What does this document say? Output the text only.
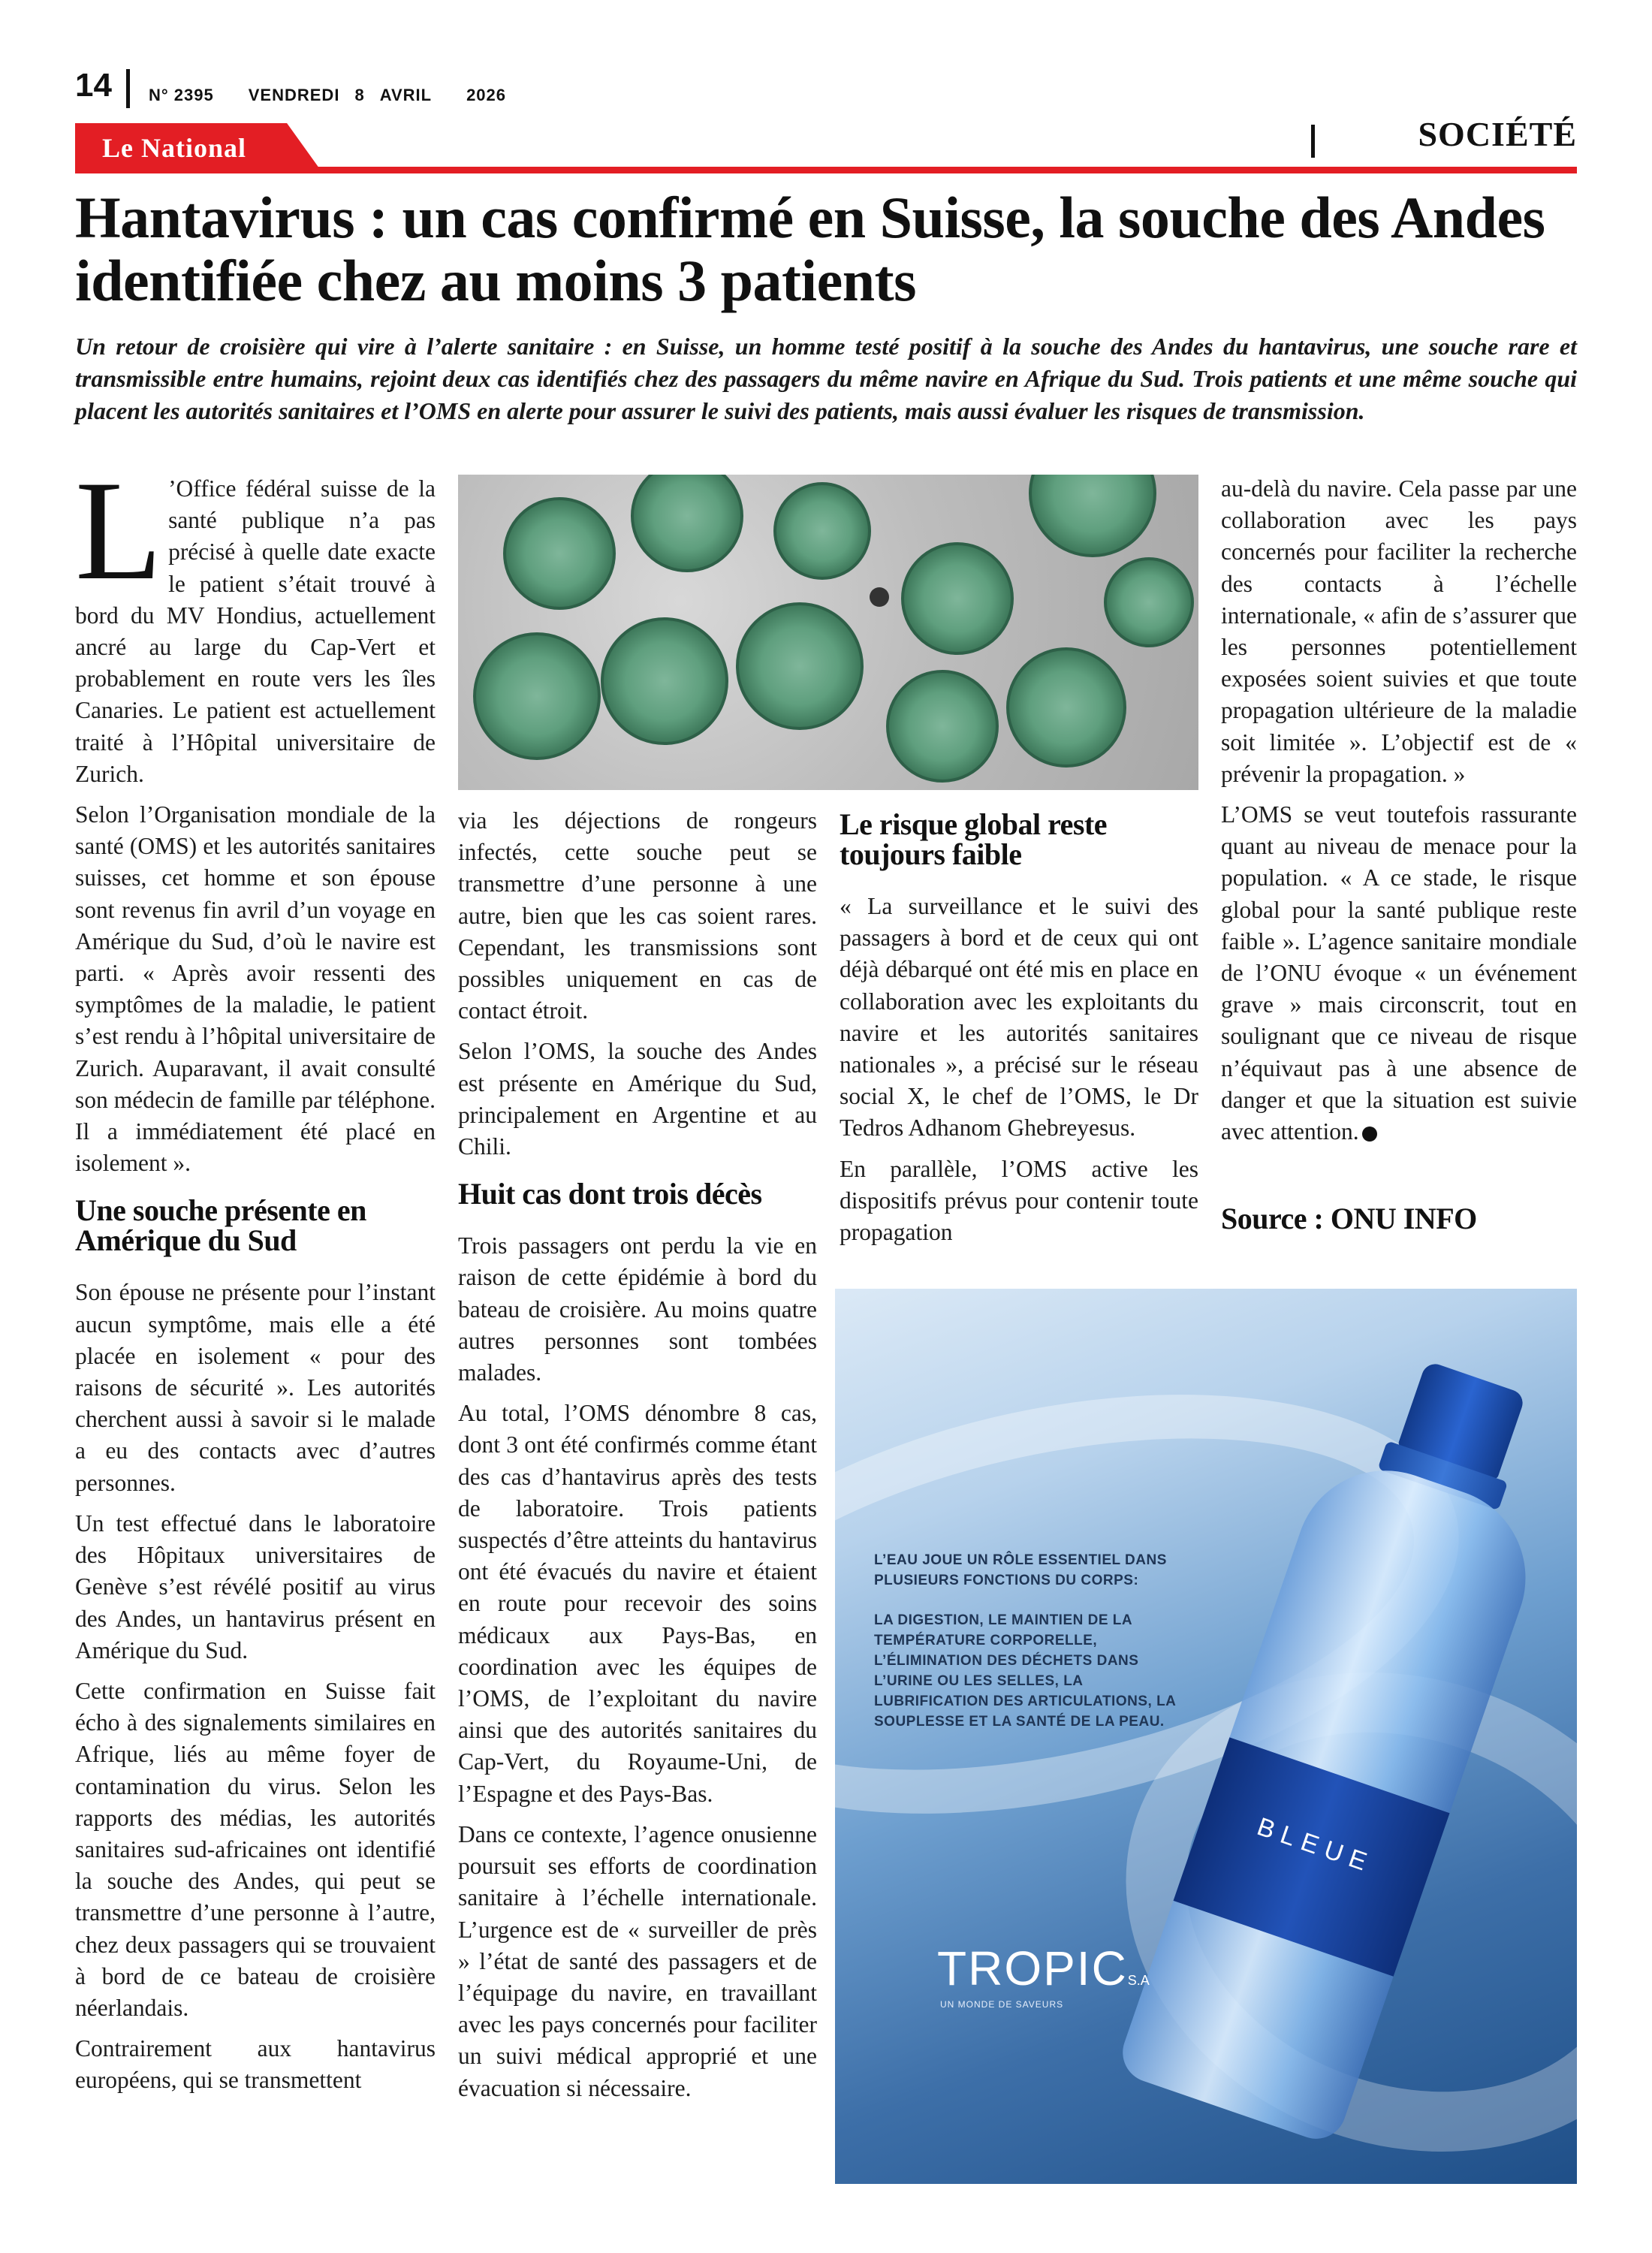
14 N° 2395 VENDREDI 8 AVRIL 2026
Le National	SOCIÉTÉ
Hantavirus : un cas confirmé en Suisse, la souche des Andes identifiée chez au moins 3 patients

Un retour de croisière qui vire à l’alerte sanitaire : en Suisse, un homme testé positif à la souche des Andes du hantavirus, une souche rare et transmissible entre humains, rejoint deux cas identifiés chez des passagers du même navire en Afrique du Sud. Trois patients et une même souche qui placent les autorités sanitaires et l’OMS en alerte pour assurer le suivi des patients, mais aussi évaluer les risques de transmission.

L ’Office fédéral suisse de la santé publique n’a pas précisé à quelle date exacte le patient s’était trouvé à bord du MV Hondius, actuellement ancré au large du Cap-Vert et probablement en route vers les îles Canaries. Le patient est actuellement traité à l’Hôpital universitaire de Zurich.

Selon l’Organisation mondiale de la santé (OMS) et les autorités sanitaires suisses, cet homme et son épouse sont revenus fin avril d’un voyage en Amérique du Sud, d’où le navire est parti. « Après avoir ressenti des symptômes de la maladie, le patient s’est rendu à l’hôpital universitaire de Zurich. Auparavant, il avait consulté son médecin de famille par téléphone. Il a immédiatement été placé en isolement ».

Une souche présente en Amérique du Sud

Son épouse ne présente pour l’instant aucun symptôme, mais elle a été placée en isolement « pour des raisons de sécurité ». Les autorités cherchent aussi à savoir si le malade a eu des contacts avec d’autres personnes.

Un test effectué dans le laboratoire des Hôpitaux universitaires de Genève s’est révélé positif au virus des Andes, un hantavirus présent en Amérique du Sud.

Cette confirmation en Suisse fait écho à des signalements similaires en Afrique, liés au même foyer de contamination du virus. Selon les rapports des médias, les autorités sanitaires sud-africaines ont identifié la souche des Andes, qui peut se transmettre d’une personne à l’autre, chez deux passagers qui se trouvaient à bord de ce bateau de croisière néerlandais.

Contrairement aux hantavirus européens, qui se transmettent

via les déjections de rongeurs infectés, cette souche peut se transmettre d’une personne à une autre, bien que les cas soient rares. Cependant, les transmissions sont possibles uniquement en cas de contact étroit.

Selon l’OMS, la souche des Andes est présente en Amérique du Sud, principalement en Argentine et au Chili.

Huit cas dont trois décès

Trois passagers ont perdu la vie en raison de cette épidémie à bord du bateau de croisière. Au moins quatre autres personnes sont tombées malades.

Au total, l’OMS dénombre 8 cas, dont 3 ont été confirmés comme étant des cas d’hantavirus après des tests de laboratoire. Trois patients suspectés d’être atteints du hantavirus ont été évacués du navire et étaient en route pour recevoir des soins médicaux aux Pays-Bas, en coordination avec les équipes de l’OMS, de l’exploitant du navire ainsi que des autorités sanitaires du Cap-Vert, du Royaume-Uni, de l’Espagne et des Pays-Bas.

Dans ce contexte, l’agence onusienne poursuit ses efforts de coordination sanitaire à l’échelle internationale. L’urgence est de « surveiller de près » l’état de santé des passagers et de l’équipage du navire, en travaillant avec les pays concernés pour faciliter un suivi médical approprié et une évacuation si nécessaire.

Le risque global reste toujours faible

« La surveillance et le suivi des passagers à bord et de ceux qui ont déjà débarqué ont été mis en place en collaboration avec les exploitants du navire et les autorités sanitaires nationales », a précisé sur le réseau social X, le chef de l’OMS, le Dr Tedros Adhanom Ghebreyesus.

En parallèle, l’OMS active les dispositifs prévus pour contenir toute propagation

au-delà du navire. Cela passe par une collaboration avec les pays concernés pour faciliter la recherche des contacts à l’échelle internationale, « afin de s’assurer que les personnes potentiellement exposées soient suivies et que toute propagation ultérieure de la maladie soit limitée ». L’objectif est de « prévenir la propagation. »

L’OMS se veut toutefois rassurante quant au niveau de menace pour la population. « A ce stade, le risque global pour la santé publique reste faible ». L’agence sanitaire mondiale de l’ONU évoque « un événement grave » mais circonscrit, tout en soulignant que ce niveau de risque n’équivaut pas à une absence de danger et que la situation est suivie avec attention.

Source : ONU INFO
L’EAU JOUE UN RÔLE ESSENTIEL DANS
PLUSIEURS FONCTIONS DU CORPS:
LA DIGESTION, LE MAINTIEN DE LA
TEMPÉRATURE CORPORELLE,
L’ÉLIMINATION DES DÉCHETS DANS
L’URINE OU LES SELLES, LA
LUBRIFICATION DES ARTICULATIONS, LA
SOUPLESSE ET LA SANTÉ DE LA PEAU.
BLEUE
TROPICS.A
UN MONDE DE SAVEURS
